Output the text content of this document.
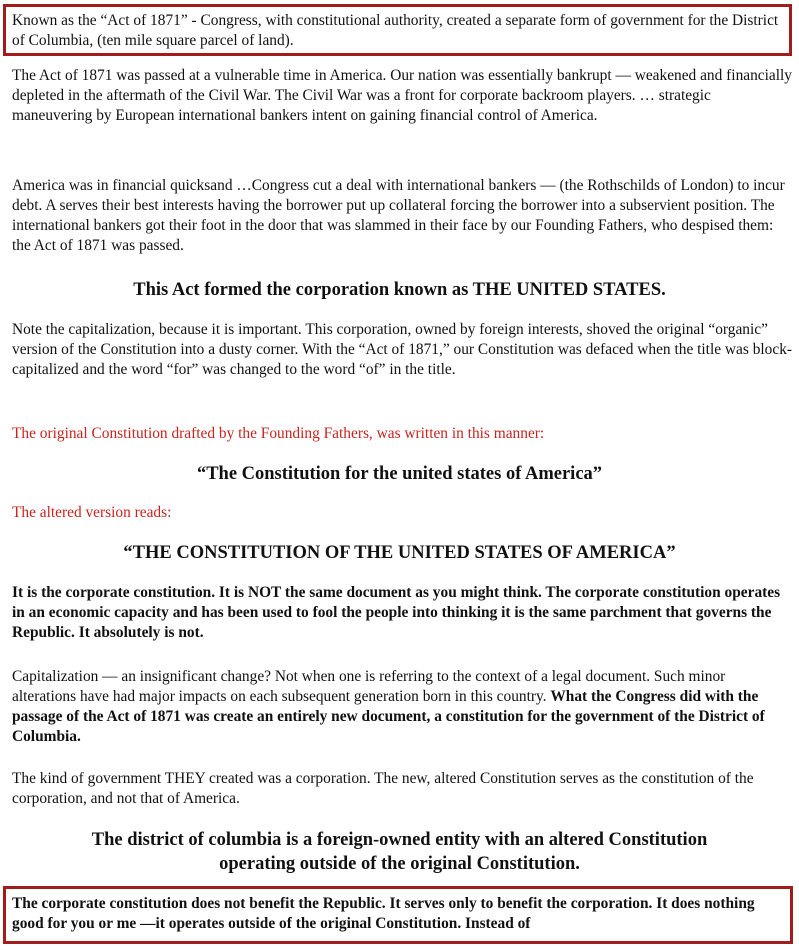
Known as the “Act of 1871” - Congress, with constitutional authority, created a separate form of government for the District of Columbia, (ten mile square parcel of land).

The Act of 1871 was passed at a vulnerable time in America. Our nation was essentially bankrupt — weakened and financially depleted in the aftermath of the Civil War. The Civil War was a front for corporate backroom players. … strategic maneuvering by European international bankers intent on gaining financial control of America.

America was in financial quicksand …Congress cut a deal with international bankers — (the Rothschilds of London) to incur debt. A serves their best interests having the borrower put up collateral forcing the borrower into a subservient position. The international bankers got their foot in the door that was slammed in their face by our Founding Fathers, who despised them: the Act of 1871 was passed.

This Act formed the corporation known as THE UNITED STATES.

Note the capitalization, because it is important. This corporation, owned by foreign interests, shoved the original “organic” version of the Constitution into a dusty corner. With the “Act of 1871,” our Constitution was defaced when the title was block-capitalized and the word “for” was changed to the word “of” in the title.

The original Constitution drafted by the Founding Fathers, was written in this manner:

“The Constitution for the united states of America”

The altered version reads:

“THE CONSTITUTION OF THE UNITED STATES OF AMERICA”

It is the corporate constitution. It is NOT the same document as you might think. The corporate constitution operates in an economic capacity and has been used to fool the people into thinking it is the same parchment that governs the Republic. It absolutely is not.

Capitalization — an insignificant change? Not when one is referring to the context of a legal document. Such minor alterations have had major impacts on each subsequent generation born in this country. What the Congress did with the passage of the Act of 1871 was create an entirely new document, a constitution for the government of the District of Columbia.

The kind of government THEY created was a corporation. The new, altered Constitution serves as the constitution of the corporation, and not that of America.

The district of columbia is a foreign-owned entity with an altered Constitution

operating outside of the original Constitution.

The corporate constitution does not benefit the Republic. It serves only to benefit the corporation. It does nothing good for you or me —it operates outside of the original Constitution. Instead of
